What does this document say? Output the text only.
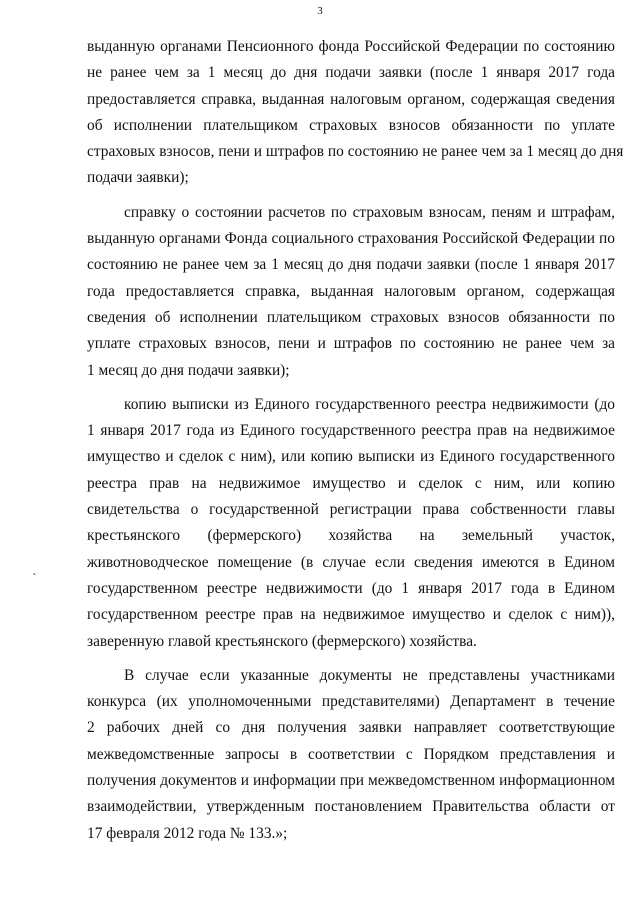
3
˛
выданную органами Пенсионного фонда Российской Федерации по состоянию
не ранее чем за 1 месяц до дня подачи заявки (после 1 января 2017 года
предоставляется справка, выданная налоговым органом, содержащая сведения
об исполнении плательщиком страховых взносов обязанности по уплате
страховых взносов, пени и штрафов по состоянию не ранее чем за 1 месяц до дня
подачи заявки);
справку о состоянии расчетов по страховым взносам, пеням и штрафам,
выданную органами Фонда социального страхования Российской Федерации по
состоянию не ранее чем за 1 месяц до дня подачи заявки (после 1 января 2017
года предоставляется справка, выданная налоговым органом, содержащая
сведения об исполнении плательщиком страховых взносов обязанности по
уплате страховых взносов, пени и штрафов по состоянию не ранее чем за
1 месяц до дня подачи заявки);
копию выписки из Единого государственного реестра недвижимости (до
1 января 2017 года из Единого государственного реестра прав на недвижимое
имущество и сделок с ним), или копию выписки из Единого государственного
реестра прав на недвижимое имущество и сделок с ним, или копию
свидетельства о государственной регистрации права собственности главы
крестьянского (фермерского) хозяйства на земельный участок,
животноводческое помещение (в случае если сведения имеются в Едином
государственном реестре недвижимости (до 1 января 2017 года в Едином
государственном реестре прав на недвижимое имущество и сделок с ним)),
заверенную главой крестьянского (фермерского) хозяйства.
В случае если указанные документы не представлены участниками
конкурса (их уполномоченными представителями) Департамент в течение
2 рабочих дней со дня получения заявки направляет соответствующие
межведомственные запросы в соответствии с Порядком представления и
получения документов и информации при межведомственном информационном
взаимодействии, утвержденным постановлением Правительства области от
17 февраля 2012 года № 133.»;
